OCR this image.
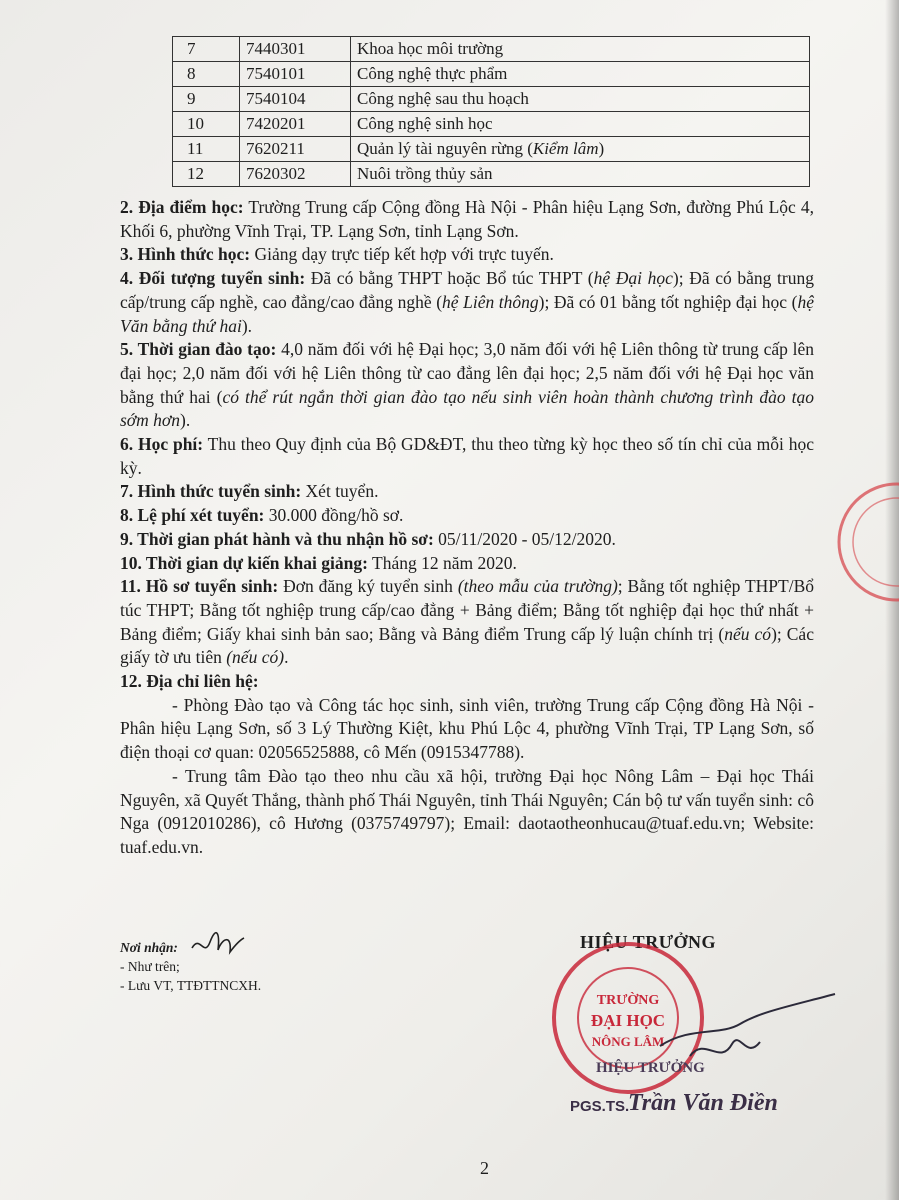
7	7440301	Khoa học môi trường
8	7540101	Công nghệ thực phẩm
9	7540104	Công nghệ sau thu hoạch
10	7420201	Công nghệ sinh học
11	7620211	Quản lý tài nguyên rừng (Kiểm lâm)
12	7620302	Nuôi trồng thủy sản

2. Địa điểm học: Trường Trung cấp Cộng đồng Hà Nội - Phân hiệu Lạng Sơn, đường Phú Lộc 4, Khối 6, phường Vĩnh Trại, TP. Lạng Sơn, tỉnh Lạng Sơn.

3. Hình thức học: Giảng dạy trực tiếp kết hợp với trực tuyến.

4. Đối tượng tuyển sinh: Đã có bằng THPT hoặc Bổ túc THPT (hệ Đại học); Đã có bằng trung cấp/trung cấp nghề, cao đẳng/cao đẳng nghề (hệ Liên thông); Đã có 01 bằng tốt nghiệp đại học (hệ Văn bằng thứ hai).

5. Thời gian đào tạo: 4,0 năm đối với hệ Đại học; 3,0 năm đối với hệ Liên thông từ trung cấp lên đại học; 2,0 năm đối với hệ Liên thông từ cao đẳng lên đại học; 2,5 năm đối với hệ Đại học văn bằng thứ hai (có thể rút ngắn thời gian đào tạo nếu sinh viên hoàn thành chương trình đào tạo sớm hơn).

6. Học phí: Thu theo Quy định của Bộ GD&ĐT, thu theo từng kỳ học theo số tín chỉ của mỗi học kỳ.

7. Hình thức tuyển sinh: Xét tuyển.

8. Lệ phí xét tuyển: 30.000 đồng/hồ sơ.

9. Thời gian phát hành và thu nhận hồ sơ: 05/11/2020 - 05/12/2020.

10. Thời gian dự kiến khai giảng: Tháng 12 năm 2020.

11. Hồ sơ tuyển sinh: Đơn đăng ký tuyển sinh (theo mẫu của trường); Bằng tốt nghiệp THPT/Bổ túc THPT; Bằng tốt nghiệp trung cấp/cao đẳng + Bảng điểm; Bằng tốt nghiệp đại học thứ nhất + Bảng điểm; Giấy khai sinh bản sao; Bằng và Bảng điểm Trung cấp lý luận chính trị (nếu có); Các giấy tờ ưu tiên (nếu có).

12. Địa chỉ liên hệ:

- Phòng Đào tạo và Công tác học sinh, sinh viên, trường Trung cấp Cộng đồng Hà Nội - Phân hiệu Lạng Sơn, số 3 Lý Thường Kiệt, khu Phú Lộc 4, phường Vĩnh Trại, TP Lạng Sơn, số điện thoại cơ quan: 02056525888, cô Mến (0915347788).

- Trung tâm Đào tạo theo nhu cầu xã hội, trường Đại học Nông Lâm – Đại học Thái Nguyên, xã Quyết Thắng, thành phố Thái Nguyên, tỉnh Thái Nguyên; Cán bộ tư vấn tuyển sinh: cô Nga (0912010286), cô Hương (0375749797); Email: daotaotheonhucau@tuaf.edu.vn; Website: tuaf.edu.vn.

Nơi nhận:
- Như trên;
- Lưu VT, TTĐTTNCXH.
HIỆU TRƯỞNG
TRƯỜNG
ĐẠI HỌC
NÔNG LÂM
HIỆU TRƯỞNG
PGS.TS.
Trần Văn Điền
2
